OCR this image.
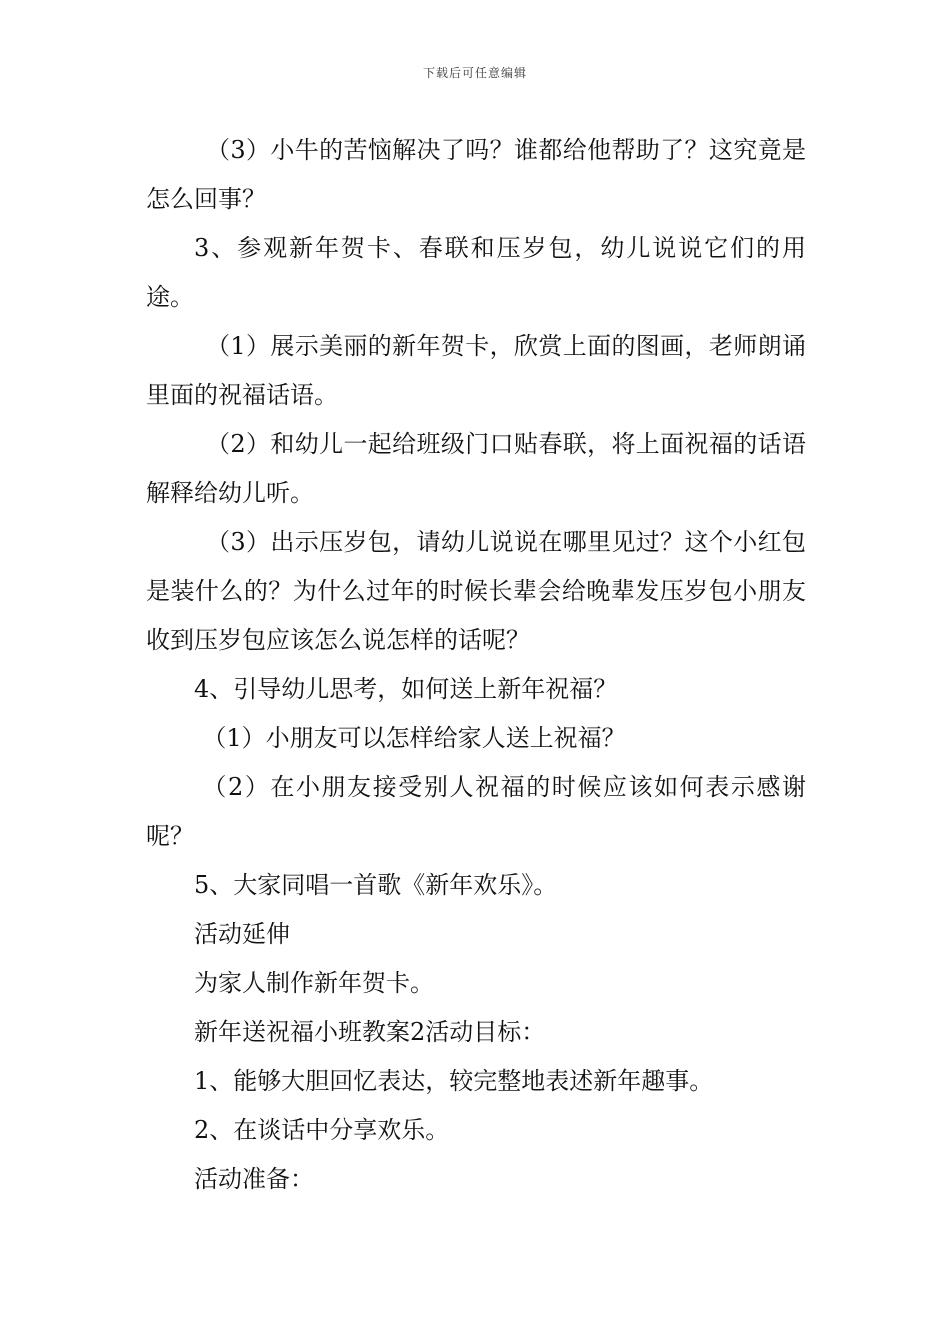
下载后可任意编辑

（3）小牛的苦恼解决了吗？谁都给他帮助了？这究竟是怎么回事？

3、参观新年贺卡、春联和压岁包，幼儿说说它们的用途。

（1）展示美丽的新年贺卡，欣赏上面的图画，老师朗诵里面的祝福话语。

（2）和幼儿一起给班级门口贴春联，将上面祝福的话语解释给幼儿听。

（3）出示压岁包，请幼儿说说在哪里见过？这个小红包是装什么的？为什么过年的时候长辈会给晚辈发压岁包小朋友收到压岁包应该怎么说怎样的话呢？

4、引导幼儿思考，如何送上新年祝福？

（1）小朋友可以怎样给家人送上祝福？

（2）在小朋友接受别人祝福的时候应该如何表示感谢呢？

5、大家同唱一首歌《新年欢乐》。

活动延伸

为家人制作新年贺卡。

新年送祝福小班教案2活动目标：

1、能够大胆回忆表达，较完整地表述新年趣事。

2、在谈话中分享欢乐。

活动准备：
